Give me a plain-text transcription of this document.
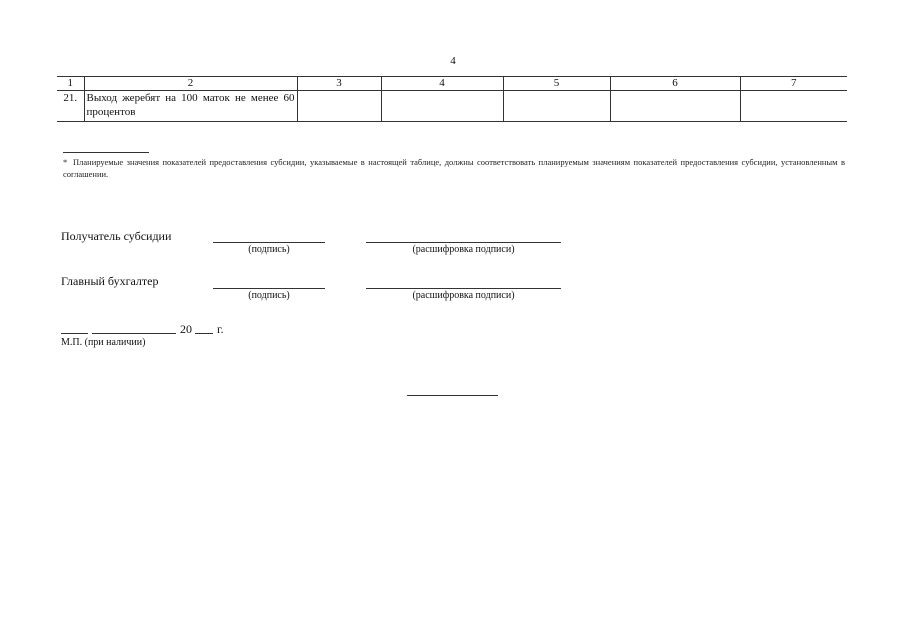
4
1	2	3	4	5	6	7
21.	Выход жеребят на 100 маток не менее 60 процентов					
* Планируемые значения показателей предоставления субсидии, указываемые в настоящей таблице, должны соответствовать планируемым значениям показателей предоставления субсидии, установленным в соглашении.
Получатель субсидии
(подпись)	(расшифровка подписи)
Главный бухгалтер
(подпись)	(расшифровка подписи)
20 г.
М.П. (при наличии)
